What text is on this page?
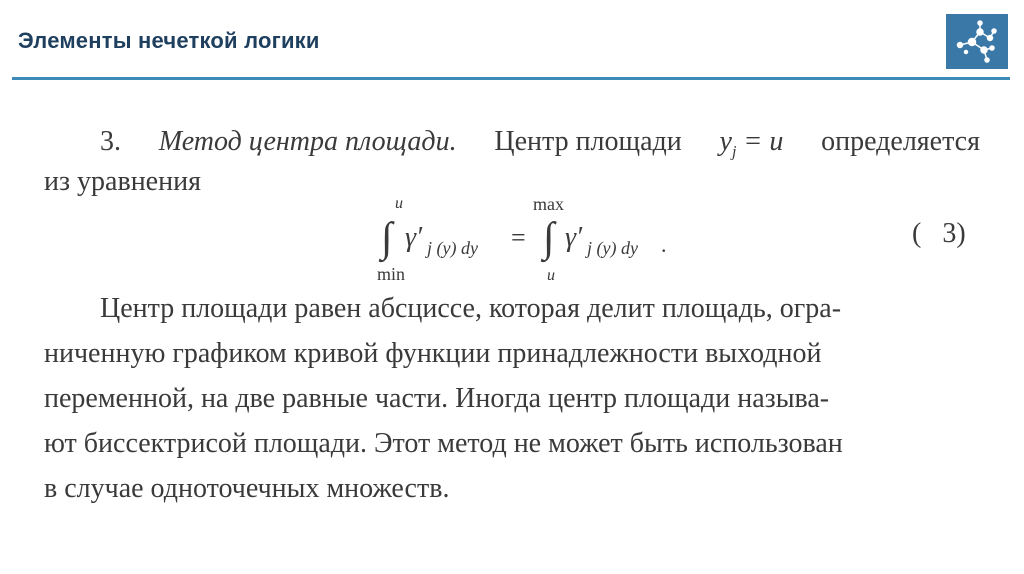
Элементы нечеткой логики
3. Метод центра площади. Центр площади $y_j = u$ определяется
из уравнения
u
∫
min
γ′ j (y) dy =
max
∫
u
γ′ j (y) dy .	(   3)
Центр площади равен абсциссе, которая делит площадь, огра-
ниченную графиком кривой функции принадлежности выходной
переменной, на две равные части. Иногда центр площади называ-
ют биссектрисой площади. Этот метод не может быть использован
в случае одноточечных множеств.
